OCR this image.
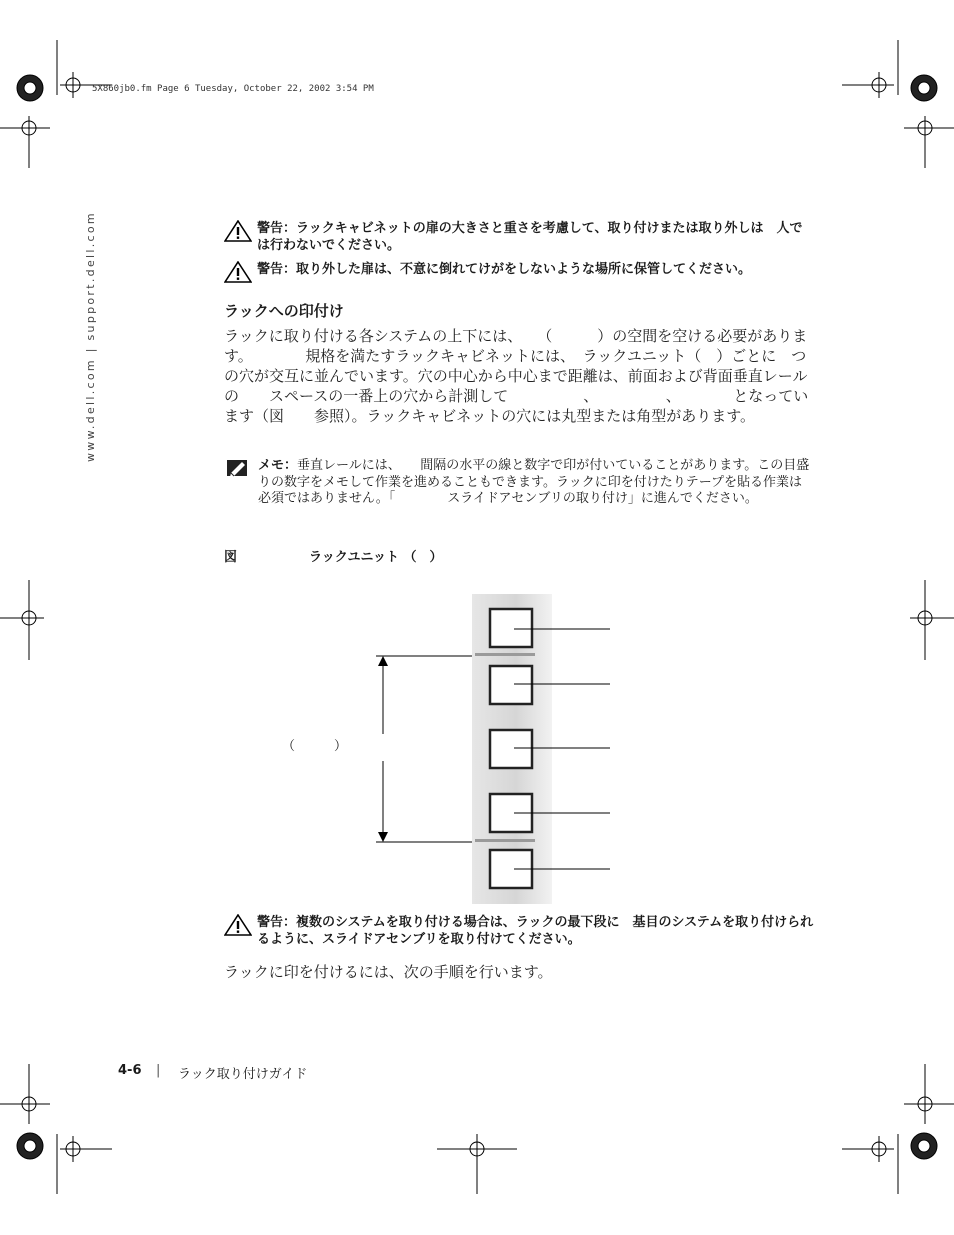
5X860jb0.fm Page 6 Tuesday, October 22, 2002 3:54 PM
www.dell.com | support.dell.com	警告：ラックキャビネットの扉の大きさと重さを考慮して、取り付けまたは取り外しは　人では行わないでください。
警告：取り外した扉は、不意に倒れてけがをしないような場所に保管してください。
ラックへの印付け
ラックに取り付ける各システムの上下には、　　（　　　）の空間を空ける必要があります。　　　　規格を満たすラックキャビネットには、　ラックユニット（　）ごとに　つの穴が交互に並んでいます。穴の中心から中心まで距離は、前面および背面垂直レールの　　スペースの一番上の穴から計測して　　　　　、　　　　　、　　　　となっています（図　　参照）。ラックキャビネットの穴には丸型または角型があります。
メモ：垂直レールには、　　間隔の水平の線と数字で印が付いていることがあります。この目盛りの数字をメモして作業を進めることもできます。ラックに印を付けたりテープを貼る作業は必須ではありません。「　　　　スライドアセンブリの取り付け」に進んでください。
図	ラックユニット （　）
（　　　）
警告：複数のシステムを取り付ける場合は、ラックの最下段に　基目のシステムを取り付けられるように、スライドアセンブリを取り付けてください。
ラックに印を付けるには、次の手順を行います。
4-6 | ラック取り付けガイド
